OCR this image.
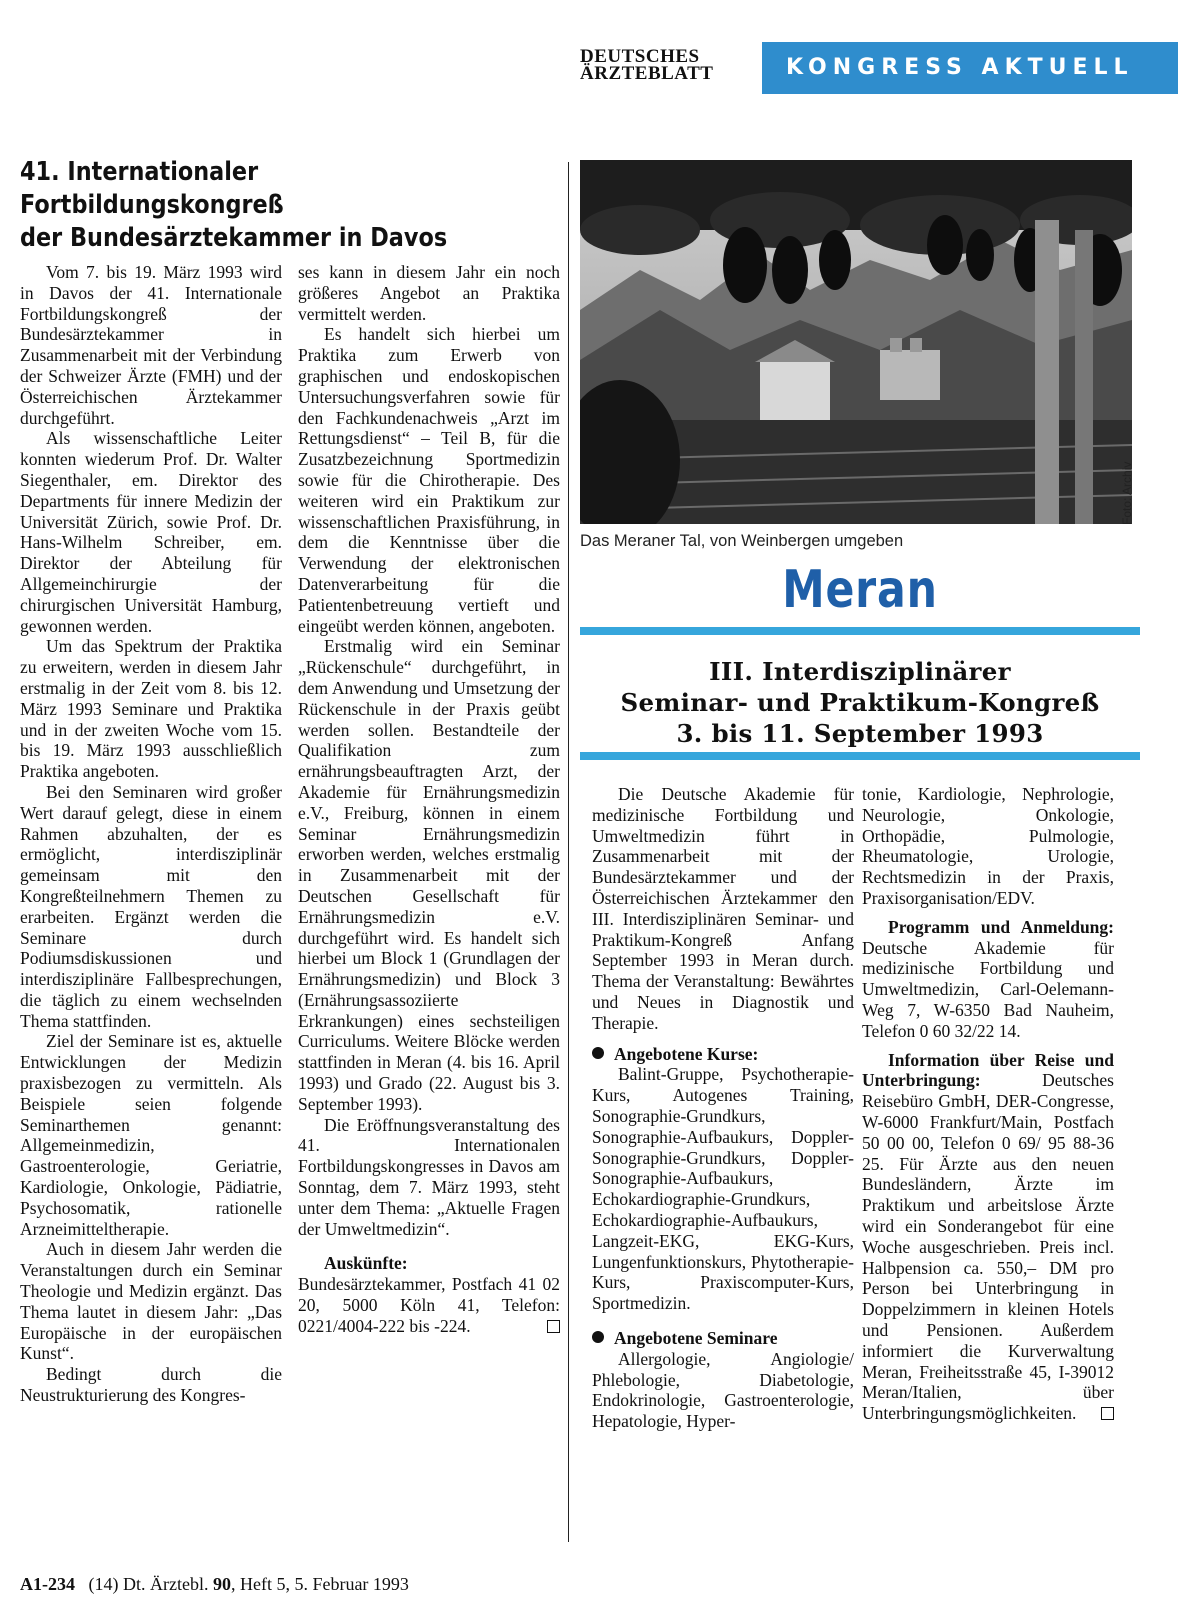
DEUTSCHES
ÄRZTEBLATT	KONGRESS AKTUELL
41. Internationaler Fortbildungskongreß
der Bundesärztekammer in Davos

Vom 7. bis 19. März 1993 wird in Davos der 41. Internationale Fortbildungskongreß der Bundesärztekammer in Zusammenarbeit mit der Verbindung der Schweizer Ärzte (FMH) und der Österreichischen Ärztekammer durchgeführt.

Als wissenschaftliche Leiter konnten wiederum Prof. Dr. Walter Siegenthaler, em. Direktor des Departments für innere Medizin der Universität Zürich, sowie Prof. Dr. Hans-Wilhelm Schreiber, em. Direktor der Abteilung für Allgemeinchirurgie der chirurgischen Universität Hamburg, gewonnen werden.

Um das Spektrum der Praktika zu erweitern, werden in diesem Jahr erstmalig in der Zeit vom 8. bis 12. März 1993 Seminare und Praktika und in der zweiten Woche vom 15. bis 19. März 1993 ausschließlich Praktika angeboten.

Bei den Seminaren wird großer Wert darauf gelegt, diese in einem Rahmen abzuhalten, der es ermöglicht, interdisziplinär gemeinsam mit den Kongreßteilnehmern Themen zu erarbeiten. Ergänzt werden die Seminare durch Podiumsdiskussionen und interdisziplinäre Fallbesprechungen, die täglich zu einem wechselnden Thema stattfinden.

Ziel der Seminare ist es, aktuelle Entwicklungen der Medizin praxisbezogen zu vermitteln. Als Beispiele seien folgende Seminarthemen genannt: Allgemeinmedizin, Gastroenterologie, Geriatrie, Kardiologie, Onkologie, Pädiatrie, Psychosomatik, rationelle Arzneimitteltherapie.

Auch in diesem Jahr werden die Veranstaltungen durch ein Seminar Theologie und Medizin ergänzt. Das Thema lautet in diesem Jahr: „Das Europäische in der europäischen Kunst“.

Bedingt durch die Neustrukturierung des Kongres-

ses kann in diesem Jahr ein noch größeres Angebot an Praktika vermittelt werden.

Es handelt sich hierbei um Praktika zum Erwerb von graphischen und endoskopischen Untersuchungsverfahren sowie für den Fachkundenachweis „Arzt im Rettungsdienst“ – Teil B, für die Zusatzbezeichnung Sportmedizin sowie für die Chirotherapie. Des weiteren wird ein Praktikum zur wissenschaftlichen Praxisführung, in dem die Kenntnisse über die Verwendung der elektronischen Datenverarbeitung für die Patientenbetreuung vertieft und eingeübt werden können, angeboten.

Erstmalig wird ein Seminar „Rückenschule“ durchgeführt, in dem Anwendung und Umsetzung der Rückenschule in der Praxis geübt werden sollen. Bestandteile der Qualifikation zum ernährungsbeauftragten Arzt, der Akademie für Ernährungsmedizin e.V., Freiburg, können in einem Seminar Ernährungsmedizin erworben werden, welches erstmalig in Zusammenarbeit mit der Deutschen Gesellschaft für Ernährungsmedizin e.V. durchgeführt wird. Es handelt sich hierbei um Block 1 (Grundlagen der Ernährungsmedizin) und Block 3 (Ernährungsassoziierte Erkrankungen) eines sechsteiligen Curriculums. Weitere Blöcke werden stattfinden in Meran (4. bis 16. April 1993) und Grado (22. August bis 3. September 1993).

Die Eröffnungsveranstaltung des 41. Internationalen Fortbildungskongresses in Davos am Sonntag, dem 7. März 1993, steht unter dem Thema: „Aktuelle Fragen der Umweltmedizin“.

Auskünfte:

Bundesärztekammer, Postfach 41 02 20, 5000 Köln 41, Telefon: 0221/4004-222 bis -224.

Foto: Archiv
Das Meraner Tal, von Weinbergen umgeben
Meran
III. Interdisziplinärer
Seminar- und Praktikum-Kongreß
3. bis 11. September 1993

Die Deutsche Akademie für medizinische Fortbildung und Umweltmedizin führt in Zusammenarbeit mit der Bundesärztekammer und der Österreichischen Ärztekammer den III. Interdisziplinären Seminar- und Praktikum-Kongreß Anfang September 1993 in Meran durch. Thema der Veranstaltung: Bewährtes und Neues in Diagnostik und Therapie.

Angebotene Kurse:

Balint-Gruppe, Psychotherapie-Kurs, Autogenes Training, Sonographie-Grundkurs, Sonographie-Aufbaukurs, Doppler-Sonographie-Grundkurs, Doppler-Sonographie-Aufbaukurs, Echokardiographie-Grundkurs, Echokardiographie-Aufbaukurs, Langzeit-EKG, EKG-Kurs, Lungenfunktionskurs, Phytotherapie-Kurs, Praxiscomputer-Kurs, Sportmedizin.

Angebotene Seminare

Allergologie, Angiologie/ Phlebologie, Diabetologie, Endokrinologie, Gastroenterologie, Hepatologie, Hyper-

tonie, Kardiologie, Nephrologie, Neurologie, Onkologie, Orthopädie, Pulmologie, Rheumatologie, Urologie, Rechtsmedizin in der Praxis, Praxisorganisation/EDV.

Programm und Anmeldung: Deutsche Akademie für medizinische Fortbildung und Umweltmedizin, Carl-Oelemann-Weg 7, W-6350 Bad Nauheim, Telefon 0 60 32/22 14.

Information über Reise und Unterbringung:	Deutsches Reisebüro GmbH, DER-Congresse, W-6000 Frankfurt/Main, Postfach 50 00 00, Telefon 0 69/ 95 88-36 25. Für Ärzte aus den neuen Bundesländern, Ärzte im Praktikum und arbeitslose Ärzte wird ein Sonderangebot für eine Woche ausgeschrieben. Preis incl. Halbpension ca. 550,– DM pro Person bei Unterbringung in Doppelzimmern in kleinen Hotels und Pensionen. Außerdem informiert die Kurverwaltung Meran, Freiheitsstraße 45, I-39012 Meran/Italien, über Unterbringungsmöglichkeiten.

A1-234 (14) Dt. Ärztebl. 90, Heft 5, 5. Februar 1993
